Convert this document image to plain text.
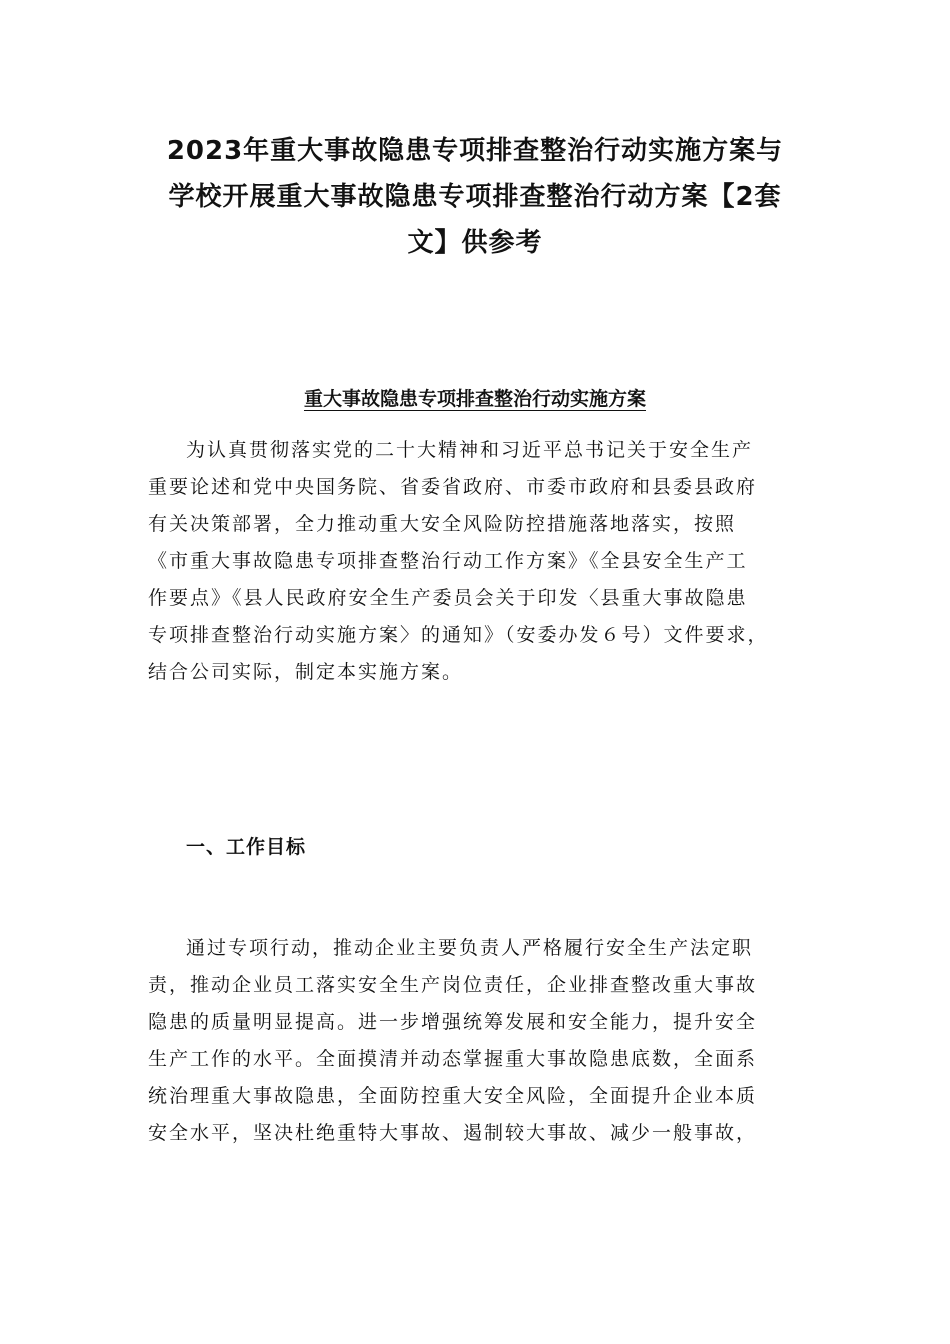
2023年重大事故隐患专项排查整治行动实施方案与
学校开展重大事故隐患专项排查整治行动方案【2套
文】供参考
重大事故隐患专项排查整治行动实施方案
为认真贯彻落实党的二十大精神和习近平总书记关于安全生产
重要论述和党中央国务院、省委省政府、市委市政府和县委县政府
有关决策部署，全力推动重大安全风险防控措施落地落实，按照
《市重大事故隐患专项排查整治行动工作方案》《全县安全生产工
作要点》《县人民政府安全生产委员会关于印发〈县重大事故隐患
专项排查整治行动实施方案〉的通知》（安委办发６号）文件要求，
结合公司实际，制定本实施方案。
一、工作目标
通过专项行动，推动企业主要负责人严格履行安全生产法定职
责，推动企业员工落实安全生产岗位责任，企业排查整改重大事故
隐患的质量明显提高。进一步增强统筹发展和安全能力，提升安全
生产工作的水平。全面摸清并动态掌握重大事故隐患底数，全面系
统治理重大事故隐患，全面防控重大安全风险，全面提升企业本质
安全水平，坚决杜绝重特大事故、遏制较大事故、减少一般事故，
